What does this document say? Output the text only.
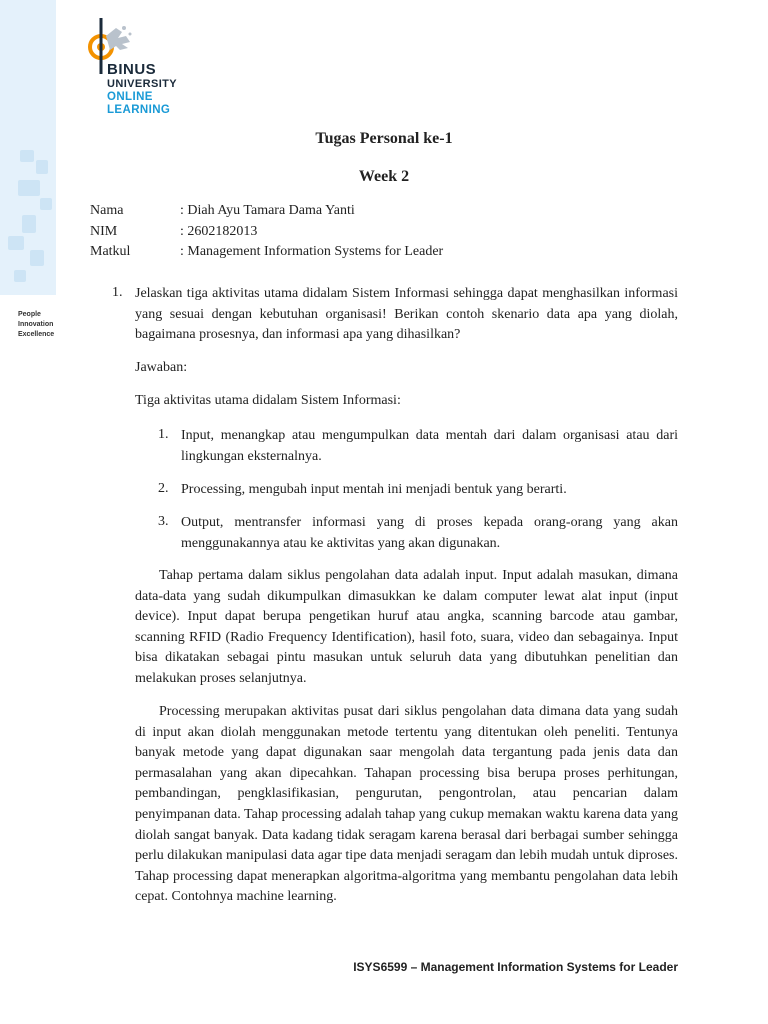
People
Innovation
Excellence
BINUS
UNIVERSITY
ONLINE
LEARNING
Tugas Personal ke-1
Week 2
Nama	: Diah Ayu Tamara Dama Yanti
NIM	: 2602182013
Matkul	: Management Information Systems for Leader
1. Jelaskan tiga aktivitas utama didalam Sistem Informasi sehingga dapat menghasilkan informasi yang sesuai dengan kebutuhan organisasi! Berikan contoh skenario data apa yang diolah, bagaimana prosesnya, dan informasi apa yang dihasilkan?
Jawaban:
Tiga aktivitas utama didalam Sistem Informasi:
1. Input, menangkap atau mengumpulkan data mentah dari dalam organisasi atau dari lingkungan eksternalnya.
2. Processing, mengubah input mentah ini menjadi bentuk yang berarti.
3. Output, mentransfer informasi yang di proses kepada orang-orang yang akan menggunakannya atau ke aktivitas yang akan digunakan.
Tahap pertama dalam siklus pengolahan data adalah input. Input adalah masukan, dimana data-data yang sudah dikumpulkan dimasukkan ke dalam computer lewat alat input (input device). Input dapat berupa pengetikan huruf atau angka, scanning barcode atau gambar, scanning RFID (Radio Frequency Identification), hasil foto, suara, video dan sebagainya. Input bisa dikatakan sebagai pintu masukan untuk seluruh data yang dibutuhkan penelitian dan melakukan proses selanjutnya.
Processing merupakan aktivitas pusat dari siklus pengolahan data dimana data yang sudah di input akan diolah menggunakan metode tertentu yang ditentukan oleh peneliti. Tentunya banyak metode yang dapat digunakan saar mengolah data tergantung pada jenis data dan permasalahan yang akan dipecahkan. Tahapan processing bisa berupa proses perhitungan, pembandingan, pengklasifikasian, pengurutan, pengontrolan, atau pencarian dalam penyimpanan data. Tahap processing adalah tahap yang cukup memakan waktu karena data yang diolah sangat banyak. Data kadang tidak seragam karena berasal dari berbagai sumber sehingga perlu dilakukan manipulasi data agar tipe data menjadi seragam dan lebih mudah untuk diproses. Tahap processing dapat menerapkan algoritma-algoritma yang membantu pengolahan data lebih cepat. Contohnya machine learning.
ISYS6599 – Management Information Systems for Leader
